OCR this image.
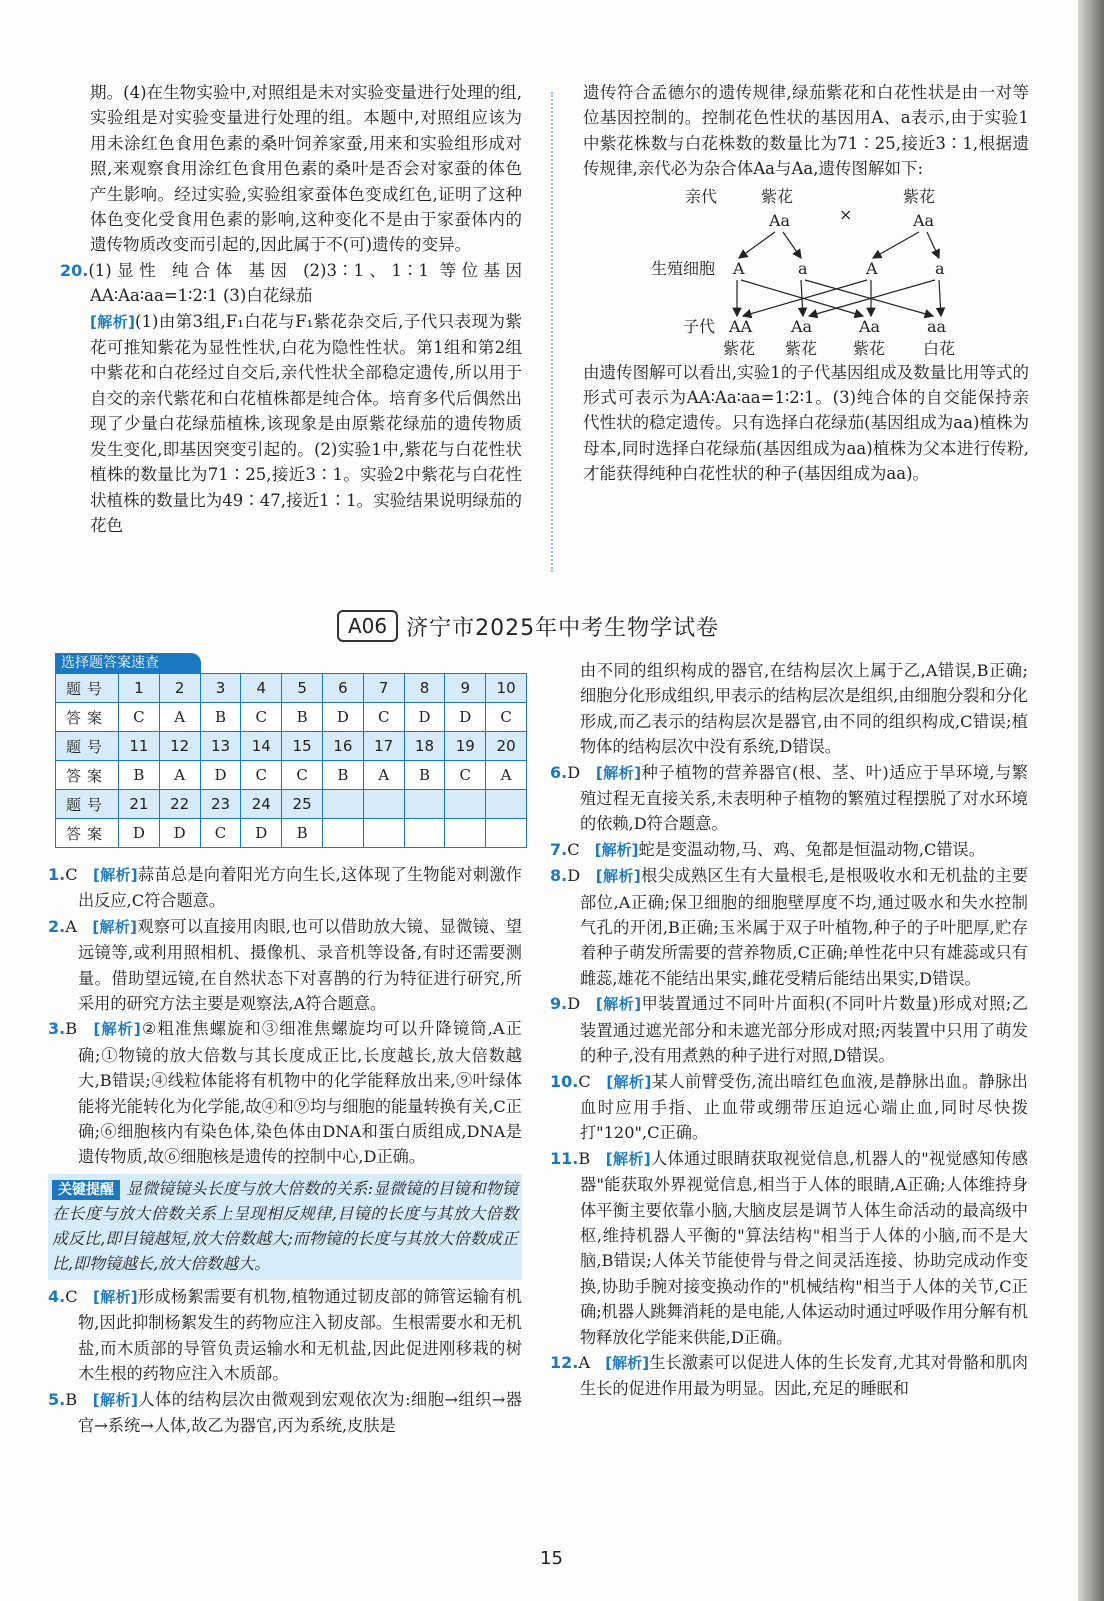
期。(4)在生物实验中,对照组是未对实验变量进行处理的组,实验组是对实验变量进行处理的组。本题中,对照组应该为用未涂红色食用色素的桑叶饲养家蚕,用来和实验组形成对照,来观察食用涂红色食用色素的桑叶是否会对家蚕的体色产生影响。经过实验,实验组家蚕体色变成红色,证明了这种体色变化受食用色素的影响,这种变化不是由于家蚕体内的遗传物质改变而引起的,因此属于不(可)遗传的变异。

20.(1)显性 纯合体 基因 (2)3∶1、1∶1 等位基因 AA∶Aa∶aa=1∶2∶1 (3)白花绿茄

[解析](1)由第3组,F₁白花与F₁紫花杂交后,子代只表现为紫花可推知紫花为显性性状,白花为隐性性状。第1组和第2组中紫花和白花经过自交后,亲代性状全部稳定遗传,所以用于自交的亲代紫花和白花植株都是纯合体。培育多代后偶然出现了少量白花绿茄植株,该现象是由原紫花绿茄的遗传物质发生变化,即基因突变引起的。(2)实验1中,紫花与白花性状植株的数量比为71∶25,接近3∶1。实验2中紫花与白花性状植株的数量比为49∶47,接近1∶1。实验结果说明绿茄的花色

遗传符合孟德尔的遗传规律,绿茄紫花和白花性状是由一对等位基因控制的。控制花色性状的基因用A、a表示,由于实验1中紫花株数与白花株数的数量比为71∶25,接近3∶1,根据遗传规律,亲代必为杂合体Aa与Aa,遗传图解如下:

亲代	紫花	紫花
Aa	×	Aa
生殖细胞 A	a	A	a
子代 AA Aa	Aa	aa
紫花 紫花 紫花 白花

由遗传图解可以看出,实验1的子代基因组成及数量比用等式的形式可表示为AA∶Aa∶aa=1∶2∶1。(3)纯合体的自交能保持亲代性状的稳定遗传。只有选择白花绿茄(基因组成为aa)植株为母本,同时选择白花绿茄(基因组成为aa)植株为父本进行传粉,才能获得纯种白花性状的种子(基因组成为aa)。

A06 济宁市2025年中考生物学试卷
选择题答案速查
题号	1	2	3	4	5	6	7	8	9	10
答案	C	A	B	C	B	D	C	D	D	C
题号	11	12	13	14	15	16	17	18	19	20
答案	B	A	D	C	C	B	A	B	C	A
题号	21	22	23	24	25					
答案	D	D	C	D	B					

1.C [解析]蒜苗总是向着阳光方向生长,这体现了生物能对刺激作出反应,C符合题意。

2.A [解析]观察可以直接用肉眼,也可以借助放大镜、显微镜、望远镜等,或利用照相机、摄像机、录音机等设备,有时还需要测量。借助望远镜,在自然状态下对喜鹊的行为特征进行研究,所采用的研究方法主要是观察法,A符合题意。

3.B [解析]②粗准焦螺旋和③细准焦螺旋均可以升降镜筒,A正确;①物镜的放大倍数与其长度成正比,长度越长,放大倍数越大,B错误;④线粒体能将有机物中的化学能释放出来,⑨叶绿体能将光能转化为化学能,故④和⑨均与细胞的能量转换有关,C正确;⑥细胞核内有染色体,染色体由DNA和蛋白质组成,DNA是遗传物质,故⑥细胞核是遗传的控制中心,D正确。

关键提醒 显微镜镜头长度与放大倍数的关系:显微镜的目镜和物镜在长度与放大倍数关系上呈现相反规律,目镜的长度与其放大倍数成反比,即目镜越短,放大倍数越大;而物镜的长度与其放大倍数成正比,即物镜越长,放大倍数越大。

4.C [解析]形成杨絮需要有机物,植物通过韧皮部的筛管运输有机物,因此抑制杨絮发生的药物应注入韧皮部。生根需要水和无机盐,而木质部的导管负责运输水和无机盐,因此促进刚移栽的树木生根的药物应注入木质部。

5.B [解析]人体的结构层次由微观到宏观依次为:细胞→组织→器官→系统→人体,故乙为器官,丙为系统,皮肤是

由不同的组织构成的器官,在结构层次上属于乙,A错误,B正确;细胞分化形成组织,甲表示的结构层次是组织,由细胞分裂和分化形成,而乙表示的结构层次是器官,由不同的组织构成,C错误;植物体的结构层次中没有系统,D错误。

6.D [解析]种子植物的营养器官(根、茎、叶)适应于旱环境,与繁殖过程无直接关系,未表明种子植物的繁殖过程摆脱了对水环境的依赖,D符合题意。

7.C [解析]蛇是变温动物,马、鸡、兔都是恒温动物,C错误。

8.D [解析]根尖成熟区生有大量根毛,是根吸收水和无机盐的主要部位,A正确;保卫细胞的细胞壁厚度不均,通过吸水和失水控制气孔的开闭,B正确;玉米属于双子叶植物,种子的子叶肥厚,贮存着种子萌发所需要的营养物质,C正确;单性花中只有雄蕊或只有雌蕊,雄花不能结出果实,雌花受精后能结出果实,D错误。

9.D [解析]甲装置通过不同叶片面积(不同叶片数量)形成对照;乙装置通过遮光部分和未遮光部分形成对照;丙装置中只用了萌发的种子,没有用煮熟的种子进行对照,D错误。

10.C [解析]某人前臂受伤,流出暗红色血液,是静脉出血。静脉出血时应用手指、止血带或绷带压迫远心端止血,同时尽快拨打"120",C正确。

11.B [解析]人体通过眼睛获取视觉信息,机器人的"视觉感知传感器"能获取外界视觉信息,相当于人体的眼睛,A正确;人体维持身体平衡主要依靠小脑,大脑皮层是调节人体生命活动的最高级中枢,维持机器人平衡的"算法结构"相当于人体的小脑,而不是大脑,B错误;人体关节能使骨与骨之间灵活连接、协助完成动作变换,协助手腕对接变换动作的"机械结构"相当于人体的关节,C正确;机器人跳舞消耗的是电能,人体运动时通过呼吸作用分解有机物释放化学能来供能,D正确。

12.A [解析]生长激素可以促进人体的生长发育,尤其对骨骼和肌肉生长的促进作用最为明显。因此,充足的睡眠和

15
